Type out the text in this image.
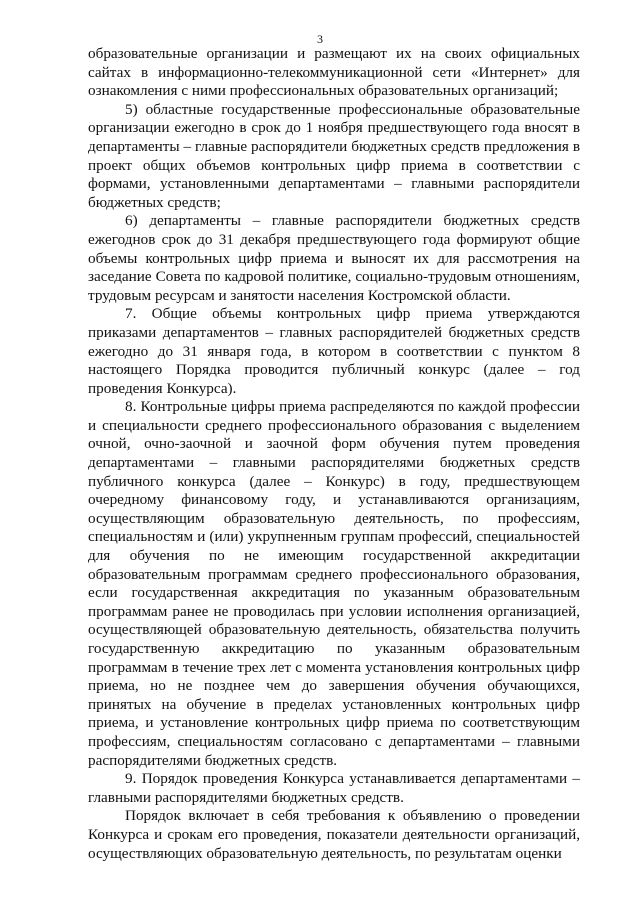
3

образовательные организации и размещают их на своих официальных сайтах в информационно-телекоммуникационной сети «Интернет» для ознакомления с ними профессиональных образовательных организаций;

5) областные государственные профессиональные образовательные организации ежегодно в срок до 1 ноября предшествующего года вносят в департаменты – главные распорядители бюджетных средств предложения в проект общих объемов контрольных цифр приема в соответствии с формами, установленными департаментами – главными распорядители бюджетных средств;

6) департаменты – главные распорядители бюджетных средств ежегоднов срок до 31 декабря предшествующего года формируют общие объемы контрольных цифр приема и выносят их для рассмотрения на заседание Совета по кадровой политике, социально-трудовым отношениям, трудовым ресурсам и занятости населения Костромской области.

7. Общие объемы контрольных цифр приема утверждаются приказами департаментов – главных распорядителей бюджетных средств ежегодно до 31 января года, в котором в соответствии с пунктом 8 настоящего Порядка проводится публичный конкурс (далее – год проведения Конкурса).

8. Контрольные цифры приема распределяются по каждой профессии и специальности среднего профессионального образования с выделением очной, очно-заочной и заочной форм обучения путем проведения департаментами – главными распорядителями бюджетных средств публичного конкурса (далее – Конкурс) в году, предшествующем очередному финансовому году, и устанавливаются организациям, осуществляющим образовательную деятельность, по профессиям, специальностям и (или) укрупненным группам профессий, специальностей для обучения по не имеющим государственной аккредитации образовательным программам среднего профессионального образования, если государственная аккредитация по указанным образовательным программам ранее не проводилась при условии исполнения организацией, осуществляющей образовательную деятельность, обязательства получить государственную аккредитацию по указанным образовательным программам в течение трех лет с момента установления контрольных цифр приема, но не позднее чем до завершения обучения обучающихся, принятых на обучение в пределах установленных контрольных цифр приема, и установление контрольных цифр приема по соответствующим профессиям, специальностям согласовано с департаментами – главными распорядителями бюджетных средств.

9. Порядок проведения Конкурса устанавливается департаментами – главными распорядителями бюджетных средств.

Порядок включает в себя требования к объявлению о проведении Конкурса и срокам его проведения, показатели деятельности организаций, осуществляющих образовательную деятельность, по результатам оценки
